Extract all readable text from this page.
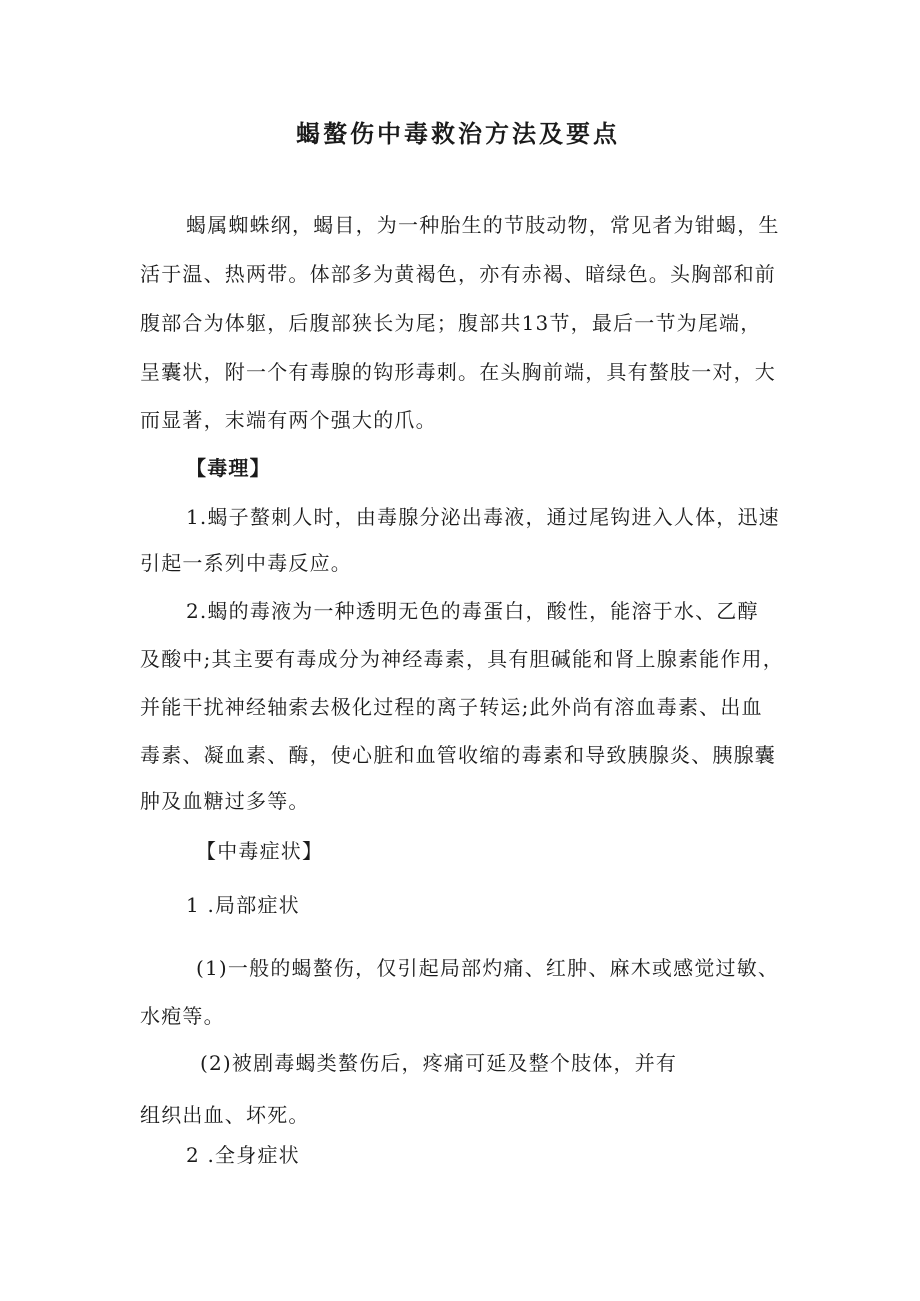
蝎螯伤中毒救治方法及要点

蝎属蜘蛛纲，蝎目，为一种胎生的节肢动物，常见者为钳蝎，生

活于温、热两带。体部多为黄褐色，亦有赤褐、暗绿色。头胸部和前

腹部合为体躯，后腹部狭长为尾；腹部共13节，最后一节为尾端，

呈囊状，附一个有毒腺的钩形毒刺。在头胸前端，具有螯肢一对，大

而显著，末端有两个强大的爪。

【毒理】

1.蝎子螯刺人时，由毒腺分泌出毒液，通过尾钩进入人体，迅速

引起一系列中毒反应。

2.蝎的毒液为一种透明无色的毒蛋白，酸性，能溶于水、乙醇

及酸中;其主要有毒成分为神经毒素，具有胆碱能和肾上腺素能作用，

并能干扰神经轴索去极化过程的离子转运;此外尚有溶血毒素、出血

毒素、凝血素、酶，使心脏和血管收缩的毒素和导致胰腺炎、胰腺囊

肿及血糖过多等。

【中毒症状】

1 .局部症状

(1)一般的蝎螯伤，仅引起局部灼痛、红肿、麻木或感觉过敏、

水疱等。

(2)被剧毒蝎类螯伤后，疼痛可延及整个肢体，并有

组织出血、坏死。

2 .全身症状
